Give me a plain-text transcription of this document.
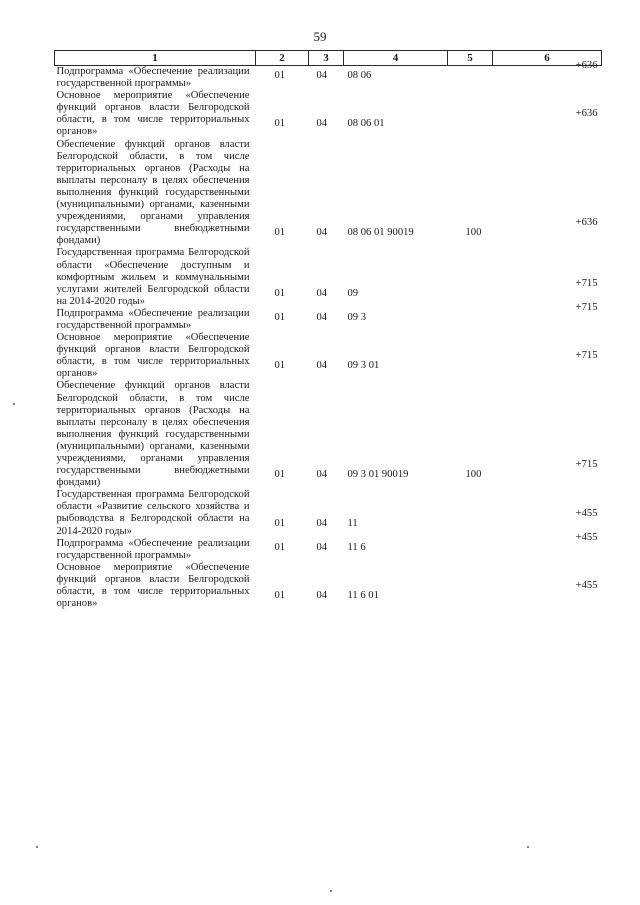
59
1	2	3	4	5	6
Подпрограмма «Обеспечение реализации государственной программы»	01	04	08 06		+636
Основное мероприятие «Обеспечение функций органов власти Белгородской области, в том числе территориальных органов»	01	04	08 06 01		+636
Обеспечение функций органов власти Белгородской области, в том числе территориальных органов (Расходы на выплаты персоналу в целях обеспечения выполнения функций государственными (муниципальными) органами, казенными учреждениями, органами управления государственными внебюджетными фондами)	01	04	08 06 01 90019	100	+636
Государственная программа Белгородской области «Обеспечение доступным и комфортным жильем и коммунальными услугами жителей Белгородской области на 2014-2020 годы»	01	04	09		+715
Подпрограмма «Обеспечение реализации государственной программы»	01	04	09 3		+715
Основное мероприятие «Обеспечение функций органов власти Белгородской области, в том числе территориальных органов»	01	04	09 3 01		+715
Обеспечение функций органов власти Белгородской области, в том числе территориальных органов (Расходы на выплаты персоналу в целях обеспечения выполнения функций государственными (муниципальными) органами, казенными учреждениями, органами управления государственными внебюджетными фондами)	01	04	09 3 01 90019	100	+715
Государственная программа Белгородской области «Развитие сельского хозяйства и рыбоводства в Белгородской области на 2014-2020 годы»	01	04	11		+455
Подпрограмма «Обеспечение реализации государственной программы»	01	04	11 6		+455
Основное мероприятие «Обеспечение функций органов власти Белгородской области, в том числе территориальных органов»	01	04	11 6 01		+455
